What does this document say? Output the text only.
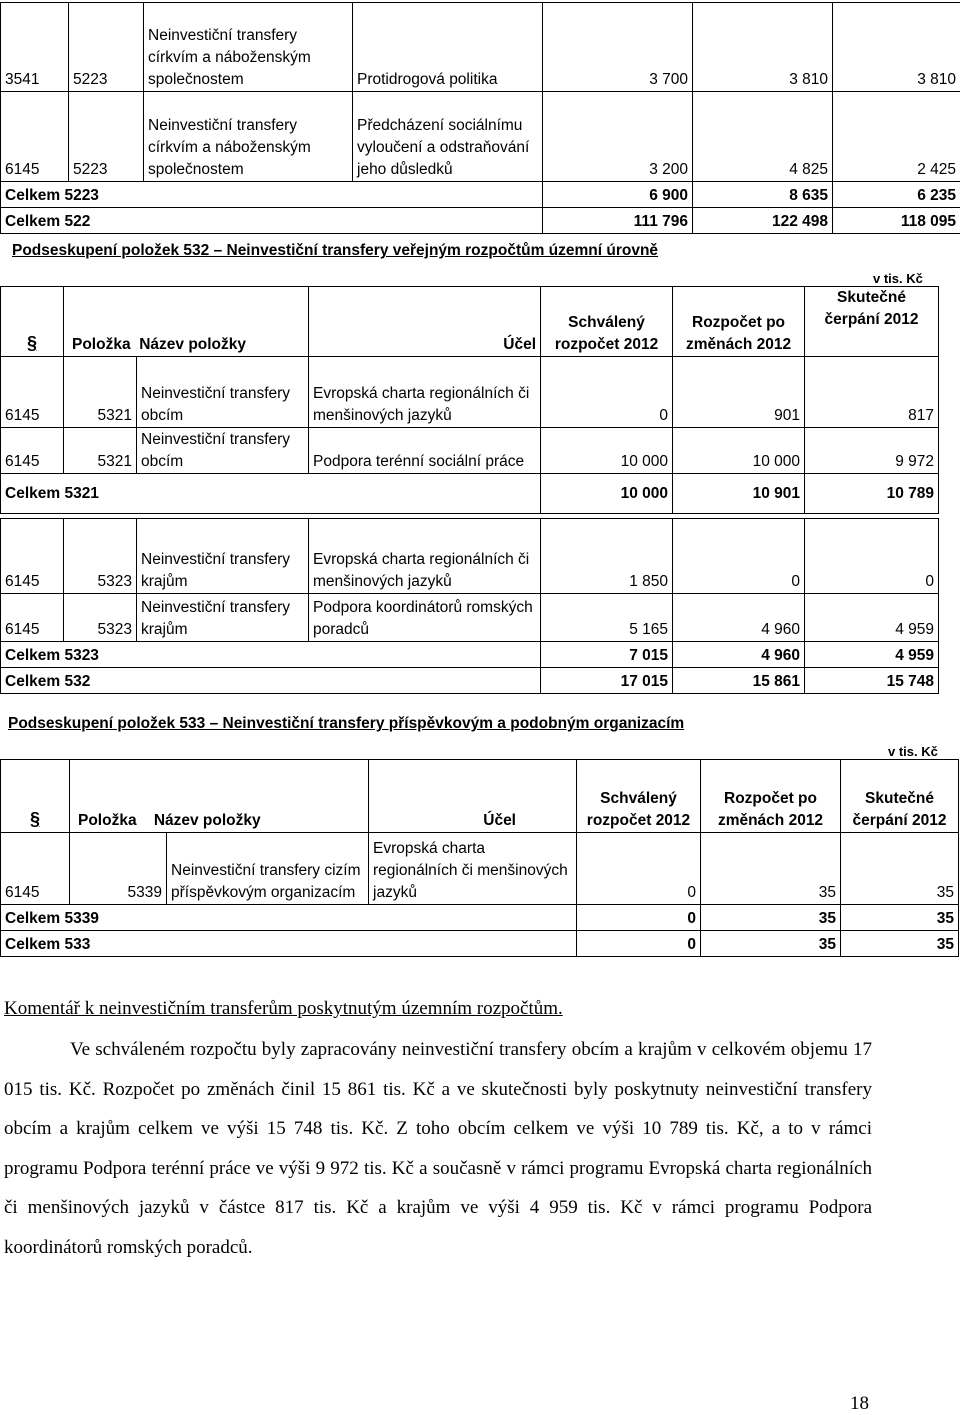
3541	5223	Neinvestiční transfery církvím a náboženským společnostem	Protidrogová politika	3 700	3 810	3 810
6145	5223	Neinvestiční transfery církvím a náboženským společnostem	Předcházení sociálnímu vyloučení a odstraňování jeho důsledků	3 200	4 825	2 425
Celkem 5223				6 900	8 635	6 235
Celkem 522				111 796	122 498	118 095
Podseskupení položek 532 – Neinvestiční transfery veřejným rozpočtům územní úrovně
v tis. Kč
§	Položka Název položky		Účel	Schválený rozpočet 2012	Rozpočet po změnách 2012	Skutečné čerpání 2012
6145	5321	Neinvestiční transfery obcím	Evropská charta regionálních či menšinových jazyků	0	901	817
6145	5321	Neinvestiční transfery obcím	Podpora terénní sociální práce	10 000	10 000	9 972
Celkem 5321				10 000	10 901	10 789
6145	5323	Neinvestiční transfery krajům	Evropská charta regionálních či menšinových jazyků	1 850	0	0
6145	5323	Neinvestiční transfery krajům	Podpora koordinátorů romských poradců	5 165	4 960	4 959
Celkem 5323				7 015	4 960	4 959
Celkem 532				17 015	15 861	15 748
Podseskupení položek 533 – Neinvestiční transfery příspěvkovým a podobným organizacím
v tis. Kč
§	Položka Název položky		Účel	Schválený rozpočet 2012	Rozpočet po změnách 2012	Skutečné čerpání 2012
6145	5339	Neinvestiční transfery cizím příspěvkovým organizacím	Evropská charta regionálních či menšinových jazyků	0	35	35
Celkem 5339				0	35	35
Celkem 533				0	35	35
Komentář k neinvestičním transferům poskytnutým územním rozpočtům.

Ve schváleném rozpočtu byly zapracovány neinvestiční transfery obcím a krajům v celkovém objemu 17 015 tis. Kč. Rozpočet po změnách činil 15 861 tis. Kč a ve skutečnosti byly poskytnuty neinvestiční transfery obcím a krajům celkem ve výši 15 748 tis. Kč. Z toho obcím celkem ve výši 10 789 tis. Kč, a to v rámci programu Podpora terénní práce ve výši 9 972 tis. Kč a současně v rámci programu Evropská charta regionálních či menšinových jazyků v částce 817 tis. Kč a krajům ve výši 4 959 tis. Kč v rámci programu Podpora koordinátorů romských poradců.

18
